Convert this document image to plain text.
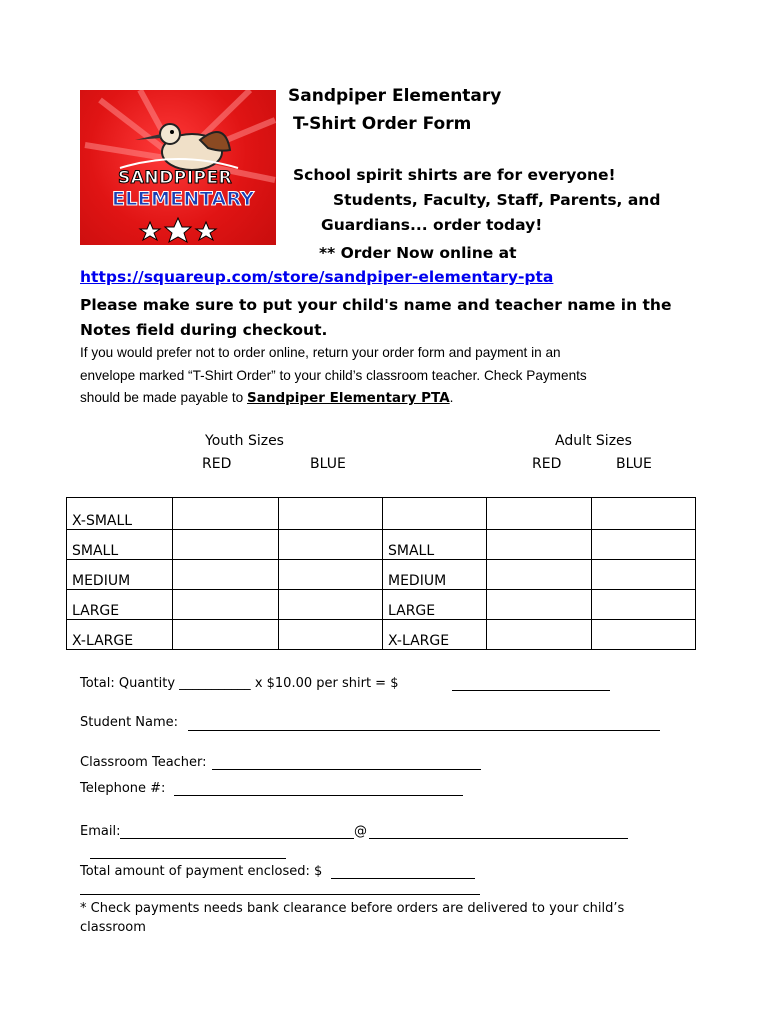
SANDPIPER
ELEMENTARY
Sandpiper Elementary
T-Shirt Order Form
School spirit shirts are for everyone!
Students, Faculty, Staff, Parents, and
Guardians... order today!
** Order Now online at
https://squareup.com/store/sandpiper-elementary-pta
Please make sure to put your child's name and teacher name in the
Notes field during checkout.
If you would prefer not to order online, return your order form and payment in an
envelope marked “T-Shirt Order” to your child’s classroom teacher. Check Payments
should be made payable to Sandpiper Elementary PTA.
Youth Sizes	Adult Sizes
RED	BLUE	RED	BLUE
X-SMALL					
SMALL			SMALL		
MEDIUM			MEDIUM		
LARGE			LARGE		
X-LARGE			X-LARGE		
Total: Quantity ___________ x $10.00 per shirt = $
Student Name:
Classroom Teacher:
Telephone #:
Email:	@
Total amount of payment enclosed: $
* Check payments needs bank clearance before orders are delivered to your child’s
classroom
